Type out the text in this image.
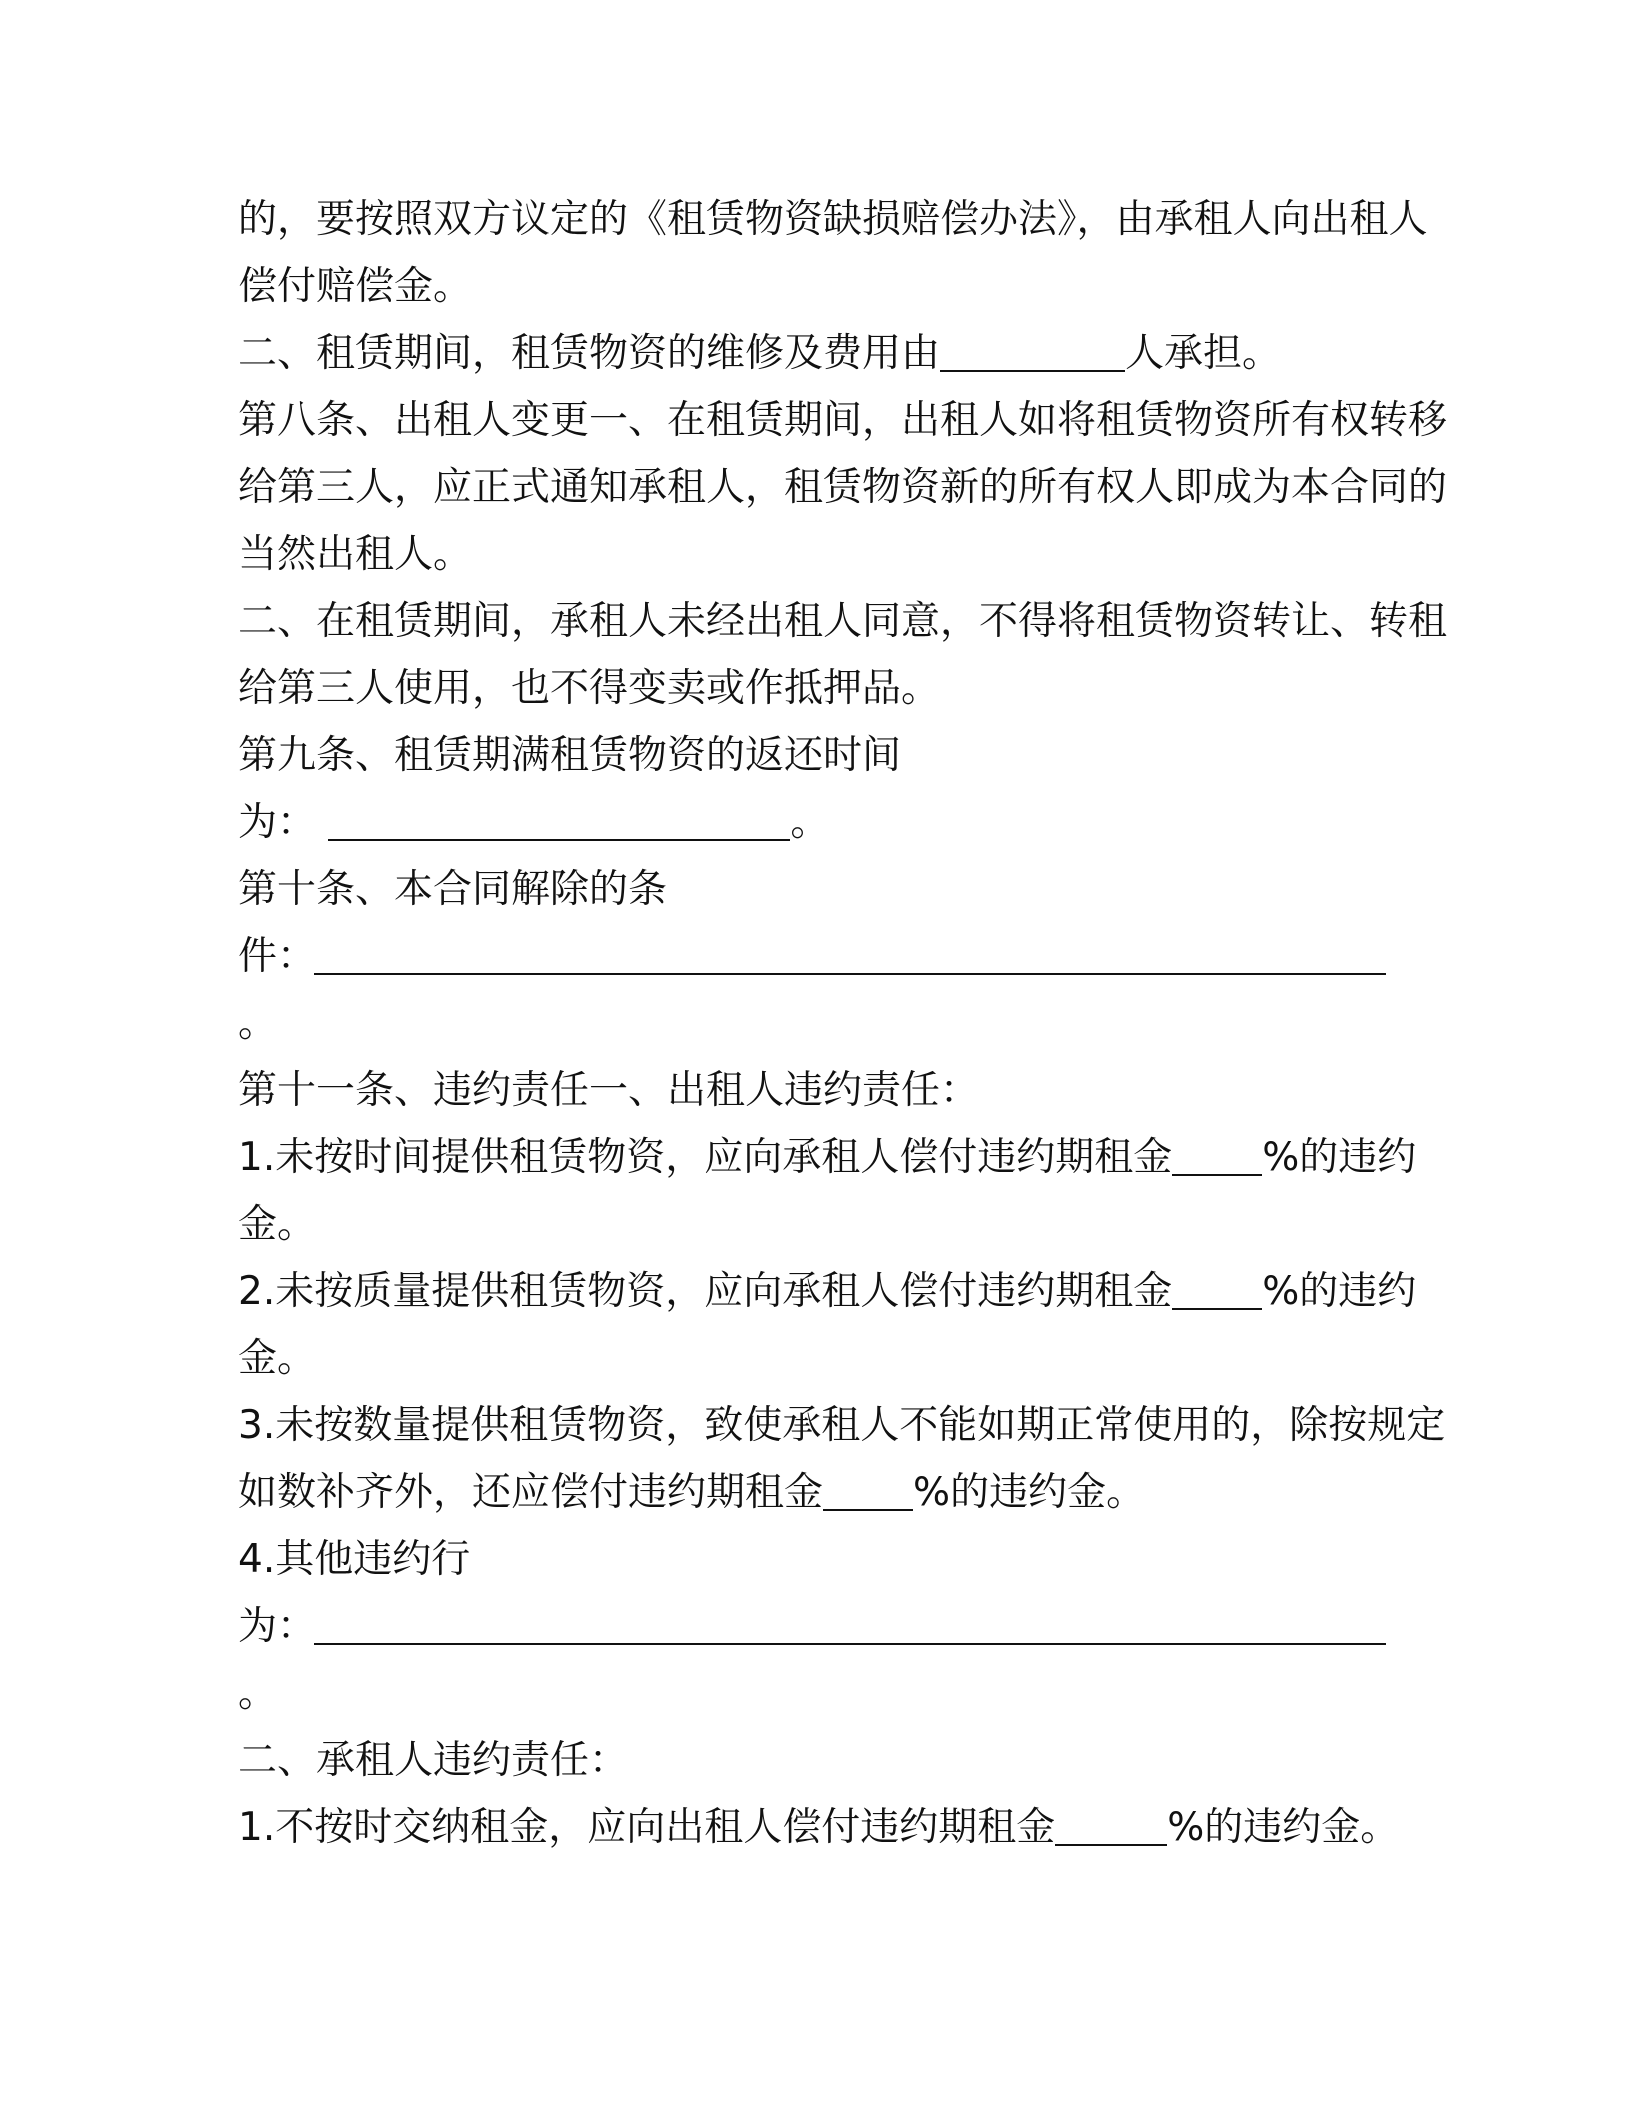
的，要按照双方议定的《租赁物资缺损赔偿办法》，由承租人向出租人
偿付赔偿金。
二、租赁期间，租赁物资的维修及费用由	人承担。
第八条、出租人变更一、在租赁期间，出租人如将租赁物资所有权转移
给第三人，应正式通知承租人，租赁物资新的所有权人即成为本合同的
当然出租人。
二、在租赁期间，承租人未经出租人同意，不得将租赁物资转让、转租
给第三人使用，也不得变卖或作抵押品。
第九条、租赁期满租赁物资的返还时间
为：	。
第十条、本合同解除的条
件：
。
第十一条、违约责任一、出租人违约责任：
1.未按时间提供租赁物资，应向承租人偿付违约期租金 %的违约
金。
2.未按质量提供租赁物资，应向承租人偿付违约期租金 %的违约
金。
3.未按数量提供租赁物资，致使承租人不能如期正常使用的，除按规定
如数补齐外，还应偿付违约期租金 %的违约金。
4.其他违约行
为：
。
二、承租人违约责任：
1.不按时交纳租金，应向出租人偿付违约期租金	%的违约金。
